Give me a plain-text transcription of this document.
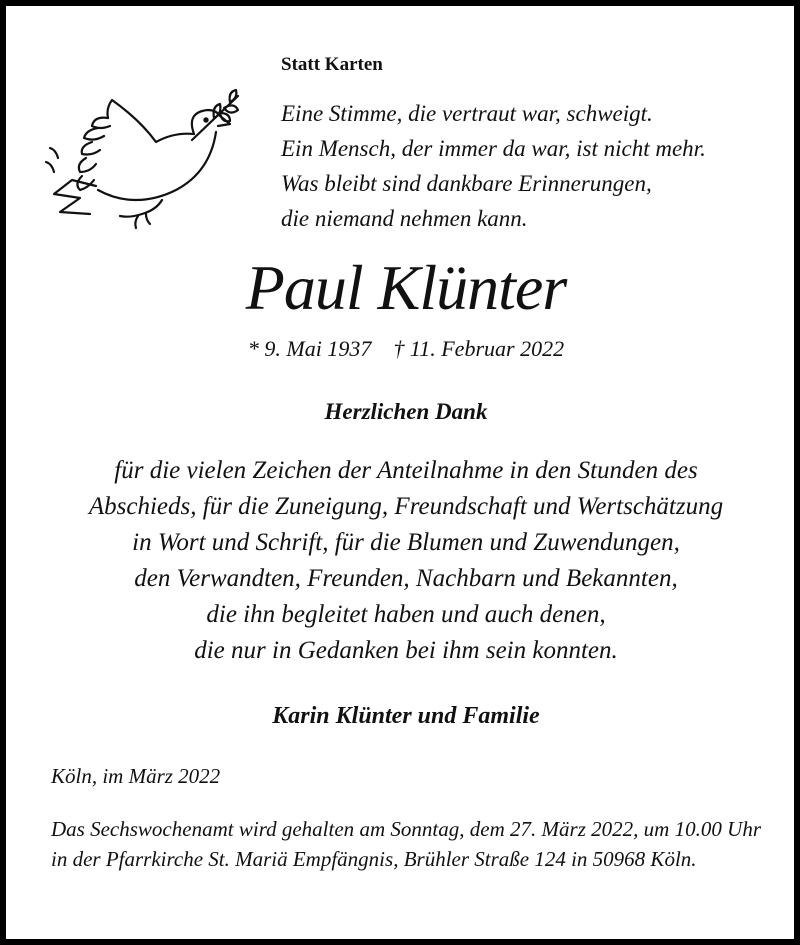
Statt Karten
Eine Stimme, die vertraut war, schweigt.
Ein Mensch, der immer da war, ist nicht mehr.
Was bleibt sind dankbare Erinnerungen,
die niemand nehmen kann.
Paul Klünter
* 9. Mai 1937 † 11. Februar 2022
Herzlichen Dank
für die vielen Zeichen der Anteilnahme in den Stunden des
Abschieds, für die Zuneigung, Freundschaft und Wertschätzung
in Wort und Schrift, für die Blumen und Zuwendungen,
den Verwandten, Freunden, Nachbarn und Bekannten,
die ihn begleitet haben und auch denen,
die nur in Gedanken bei ihm sein konnten.
Karin Klünter und Familie
Köln, im März 2022
Das Sechswochenamt wird gehalten am Sonntag, dem 27. März 2022, um 10.00 Uhr in der Pfarrkirche St. Mariä Empfängnis, Brühler Straße 124 in 50968 Köln.
